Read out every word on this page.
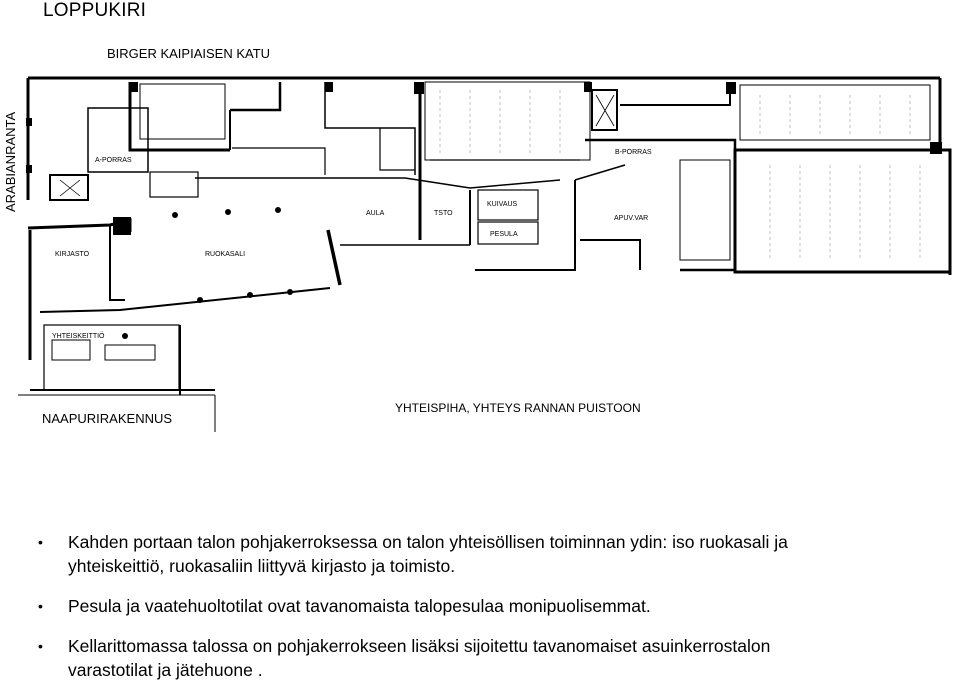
LOPPUKIRI
BIRGER KAIPIAISEN KATU
ARABIANRANTA	A-PORRAS
B-PORRAS
KIRJASTO	RUOKASALI
AULA	TSTO
KUIVAUS
PESULA
APUV.VAR
YHTEISKEITTIÖ
NAAPURIRAKENNUS
YHTEISPIHA, YHTEYS RANNAN PUISTOON
• Kahden portaan talon pohjakerroksessa on talon yhteisöllisen toiminnan ydin: iso ruokasali ja

yhteiskeittiö, ruokasaliin liittyvä kirjasto ja toimisto.

• Pesula ja vaatehuoltotilat ovat tavanomaista talopesulaa monipuolisemmat.

• Kellarittomassa talossa on pohjakerrokseen lisäksi sijoitettu tavanomaiset asuinkerrostalon

varastotilat ja jätehuone .
